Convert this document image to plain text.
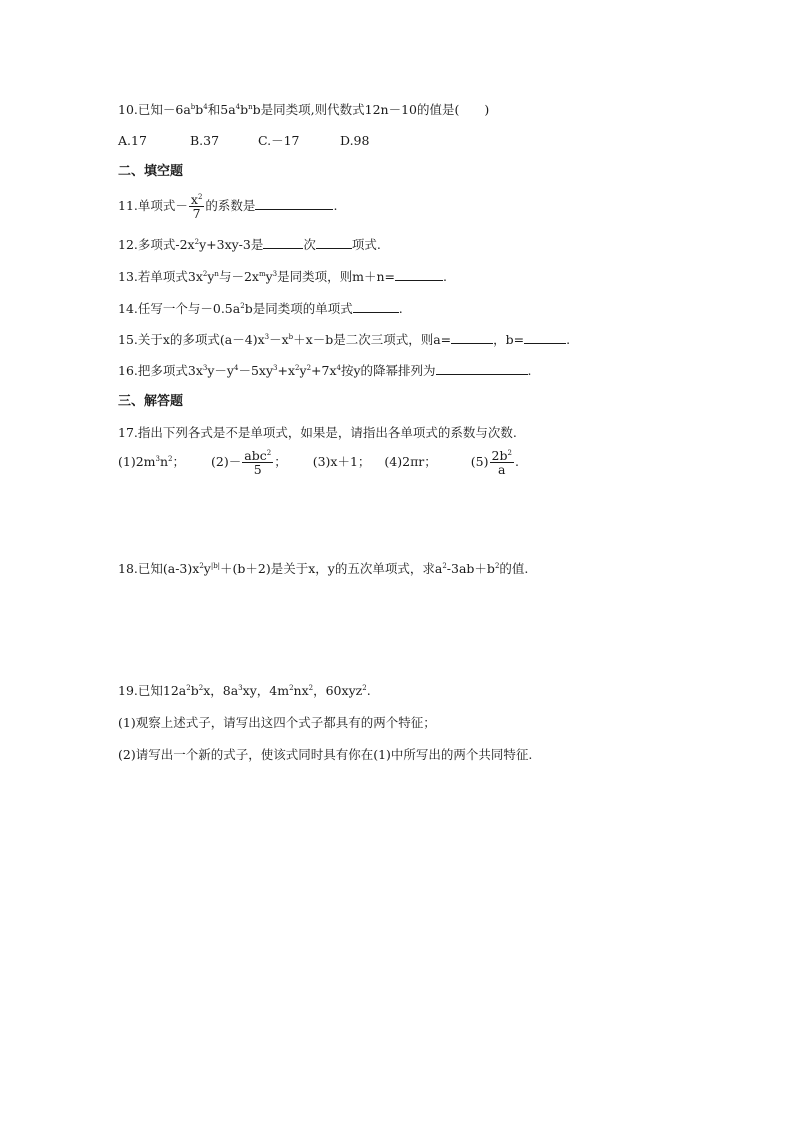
10.已知$-6a^bb^4$和$5a^4b^nb$是同类项,则代数式12n－10的值是(　　)
A.17	B.37	C.－17	D.98
二、填空题
11.单项式－ $\frac{x^2}{7}$ 的系数是	.
12.多项式$-2x^2y+3xy-3$是	次	项式.
13.若单项式$3x^2y^n$与$-2x^my^3$是同类项，则m＋n=	.
14.任写一个与$-0.5a^2b$是同类项的单项式	.
15.关于x的多项式$(a-4)x^3-x^b+x-b$是二次三项式，则a=	，b=	.
16.把多项式$3x^3y-y^4-5xy^3+x^2y^2+7x^4$按y的降幂排列为	.
三、解答题
17.指出下列各式是不是单项式，如果是，请指出各单项式的系数与次数.
$(1)2m^3n^2$； $(2)- \frac{abc^2}{5}$ ； (3)x＋1； (4)2πr；	$(5) \frac{2b^2}{a}$ .
18.已知$(a-3)x^2y^{|b|}+(b+2)$是关于x，y的五次单项式，求$a^2-3ab+b^2$的值.
19.已知$12a^2b^2x$，$8a^3xy$，$4m^2nx^2$，60xyz$^2$.
(1)观察上述式子，请写出这四个式子都具有的两个特征；
(2)请写出一个新的式子，使该式同时具有你在(1)中所写出的两个共同特征.
